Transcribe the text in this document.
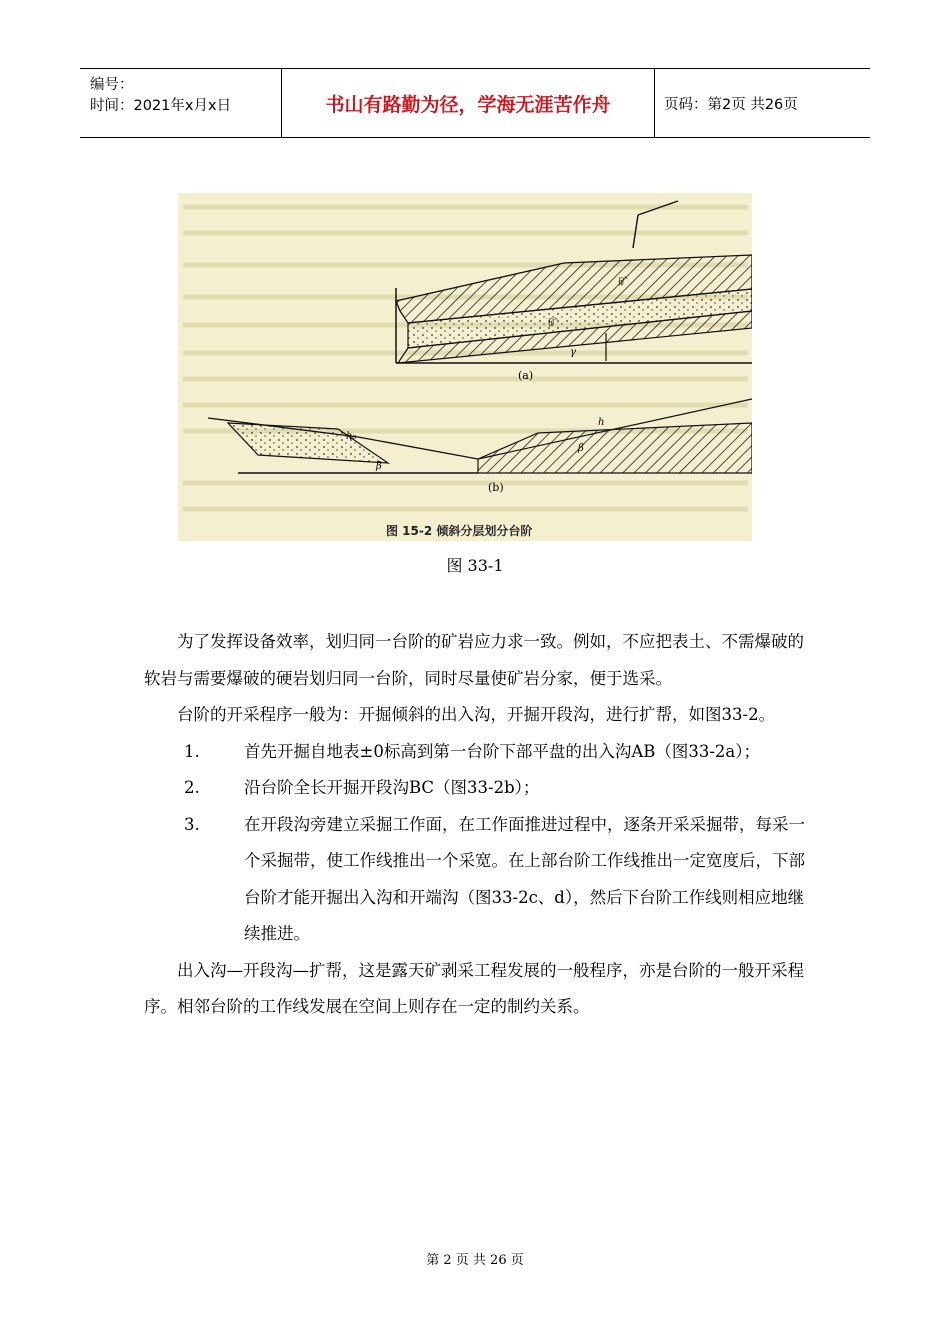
编号：
时间：2021年x月x日	书山有路勤为径，学海无涯苦作舟	页码：第2页 共26页
(a)
(b)
矿
矿
h₀
h
β
β
γ
图 15-2 倾斜分层划分台阶
图 33-1

为了发挥设备效率，划归同一台阶的矿岩应力求一致。例如，不应把表土、不需爆破的软岩与需要爆破的硬岩划归同一台阶，同时尽量使矿岩分家，便于选采。

台阶的开采程序一般为：开掘倾斜的出入沟，开掘开段沟，进行扩帮，如图33-2。

1.	首先开掘自地表±0标高到第一台阶下部平盘的出入沟AB（图33-2a）；

2.	沿台阶全长开掘开段沟BC（图33-2b）；

3.	在开段沟旁建立采掘工作面，在工作面推进过程中，逐条开采采掘带，每采一个采掘带，使工作线推出一个采宽。在上部台阶工作线推出一定宽度后，下部台阶才能开掘出入沟和开端沟（图33-2c、d），然后下台阶工作线则相应地继续推进。

出入沟—开段沟—扩帮，这是露天矿剥采工程发展的一般程序，亦是台阶的一般开采程序。相邻台阶的工作线发展在空间上则存在一定的制约关系。

第 2 页 共 26 页
